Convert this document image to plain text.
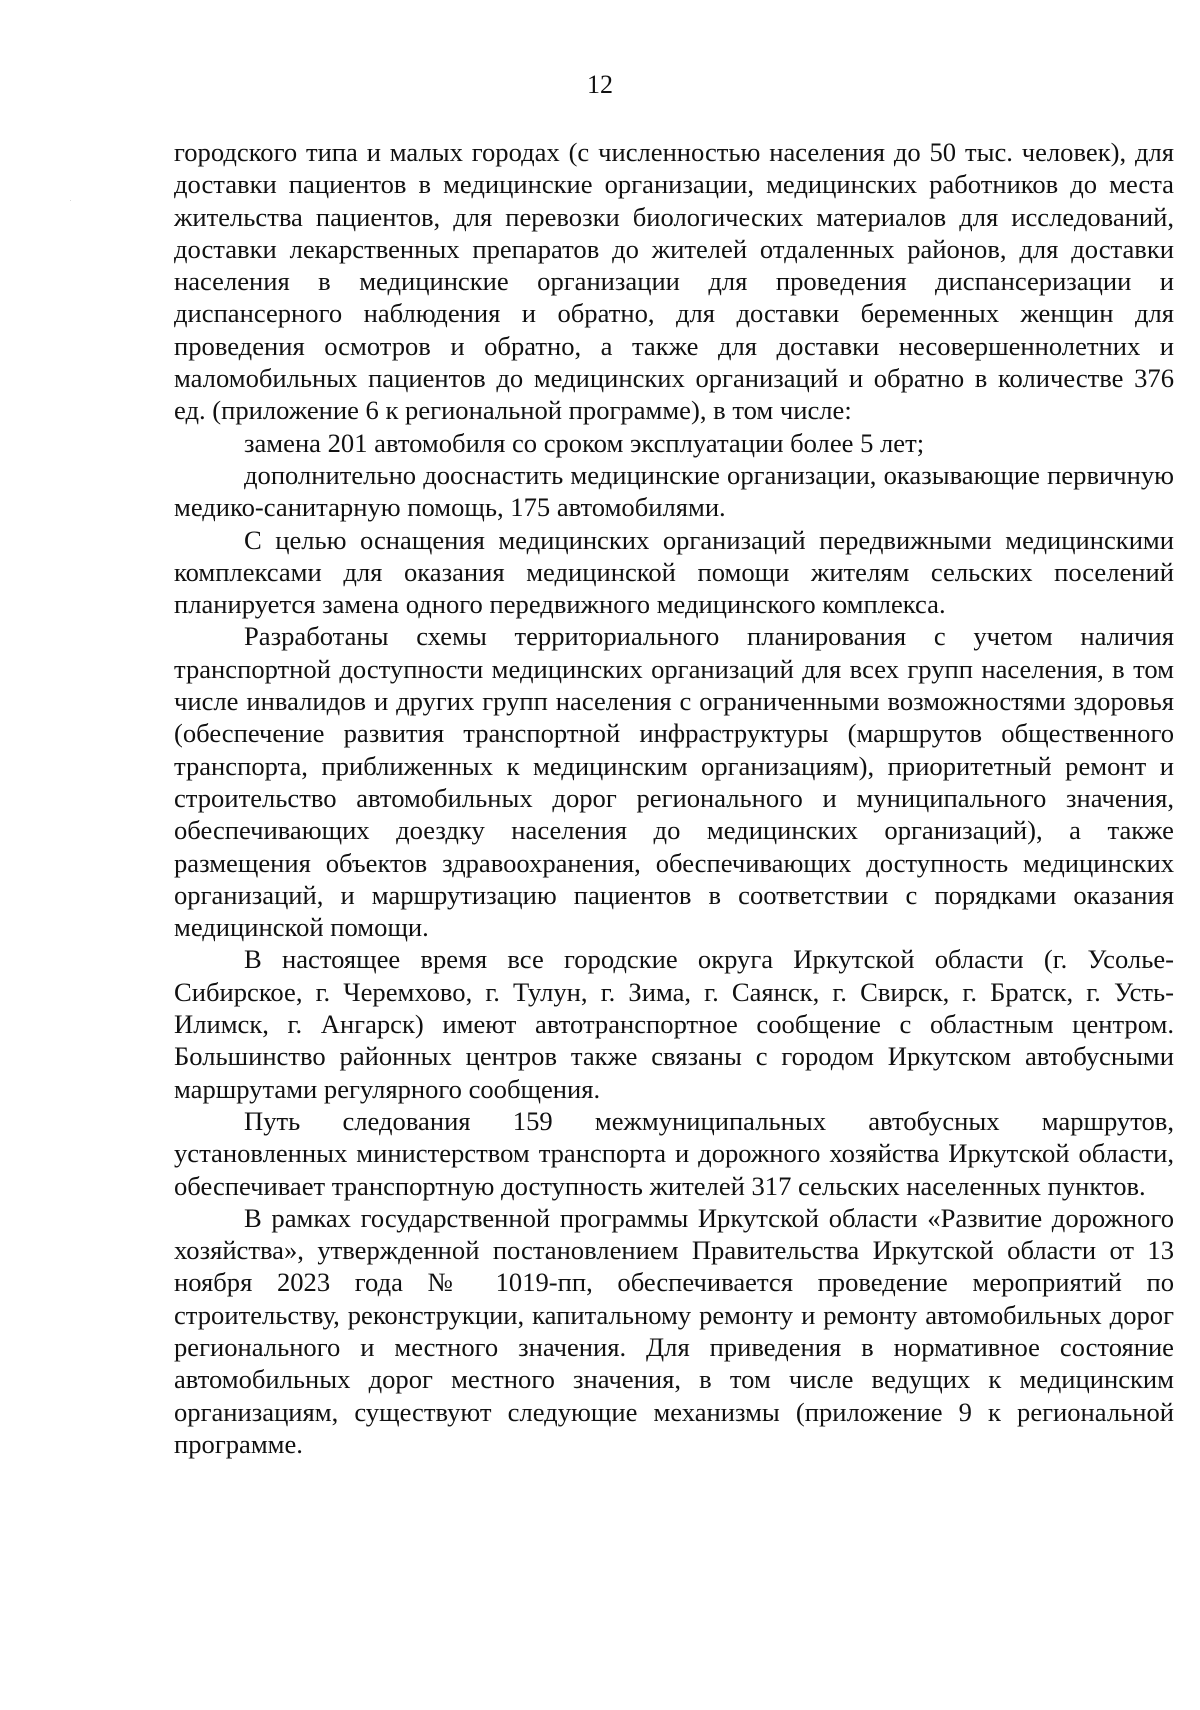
12

городского типа и малых городах (с численностью населения до 50 тыс. человек), для доставки пациентов в медицинские организации, медицинских работников до места жительства пациентов, для перевозки биологических материалов для исследований, доставки лекарственных препаратов до жителей отдаленных районов, для доставки населения в медицинские организации для проведения диспансеризации и диспансерного наблюдения и обратно, для доставки беременных женщин для проведения осмотров и обратно, а также для доставки несовершеннолетних и маломобильных пациентов до медицинских организаций и обратно в количестве 376 ед. (приложение 6 к региональной программе), в том числе:

замена 201 автомобиля со сроком эксплуатации более 5 лет;

дополнительно дооснастить медицинские организации, оказывающие первичную медико-санитарную помощь, 175 автомобилями.

С целью оснащения медицинских организаций передвижными медицинскими комплексами для оказания медицинской помощи жителям сельских поселений планируется замена одного передвижного медицинского комплекса.

Разработаны схемы территориального планирования с учетом наличия транспортной доступности медицинских организаций для всех групп населения, в том числе инвалидов и других групп населения с ограниченными возможностями здоровья (обеспечение развития транспортной инфраструктуры (маршрутов общественного транспорта, приближенных к медицинским организациям), приоритетный ремонт и строительство автомобильных дорог регионального и муниципального значения, обеспечивающих доездку населения до медицинских организаций), а также размещения объектов здравоохранения, обеспечивающих доступность медицинских организаций, и маршрутизацию пациентов в соответствии с порядками оказания медицинской помощи.

В настоящее время все городские округа Иркутской области (г. Усолье-Сибирское, г. Черемхово, г. Тулун, г. Зима, г. Саянск, г. Свирск, г. Братск, г. Усть-Илимск, г. Ангарск) имеют автотранспортное сообщение с областным центром. Большинство районных центров также связаны с городом Иркутском автобусными маршрутами регулярного сообщения.

Путь следования 159 межмуниципальных автобусных маршрутов, установленных министерством транспорта и дорожного хозяйства Иркутской области, обеспечивает транспортную доступность жителей 317 сельских населенных пунктов.

В рамках государственной программы Иркутской области «Развитие дорожного хозяйства», утвержденной постановлением Правительства Иркутской области от 13 ноября 2023 года № 1019-пп, обеспечивается проведение мероприятий по строительству, реконструкции, капитальному ремонту и ремонту автомобильных дорог регионального и местного значения. Для приведения в нормативное состояние автомобильных дорог местного значения, в том числе ведущих к медицинским организациям, существуют следующие механизмы (приложение 9 к региональной программе.
